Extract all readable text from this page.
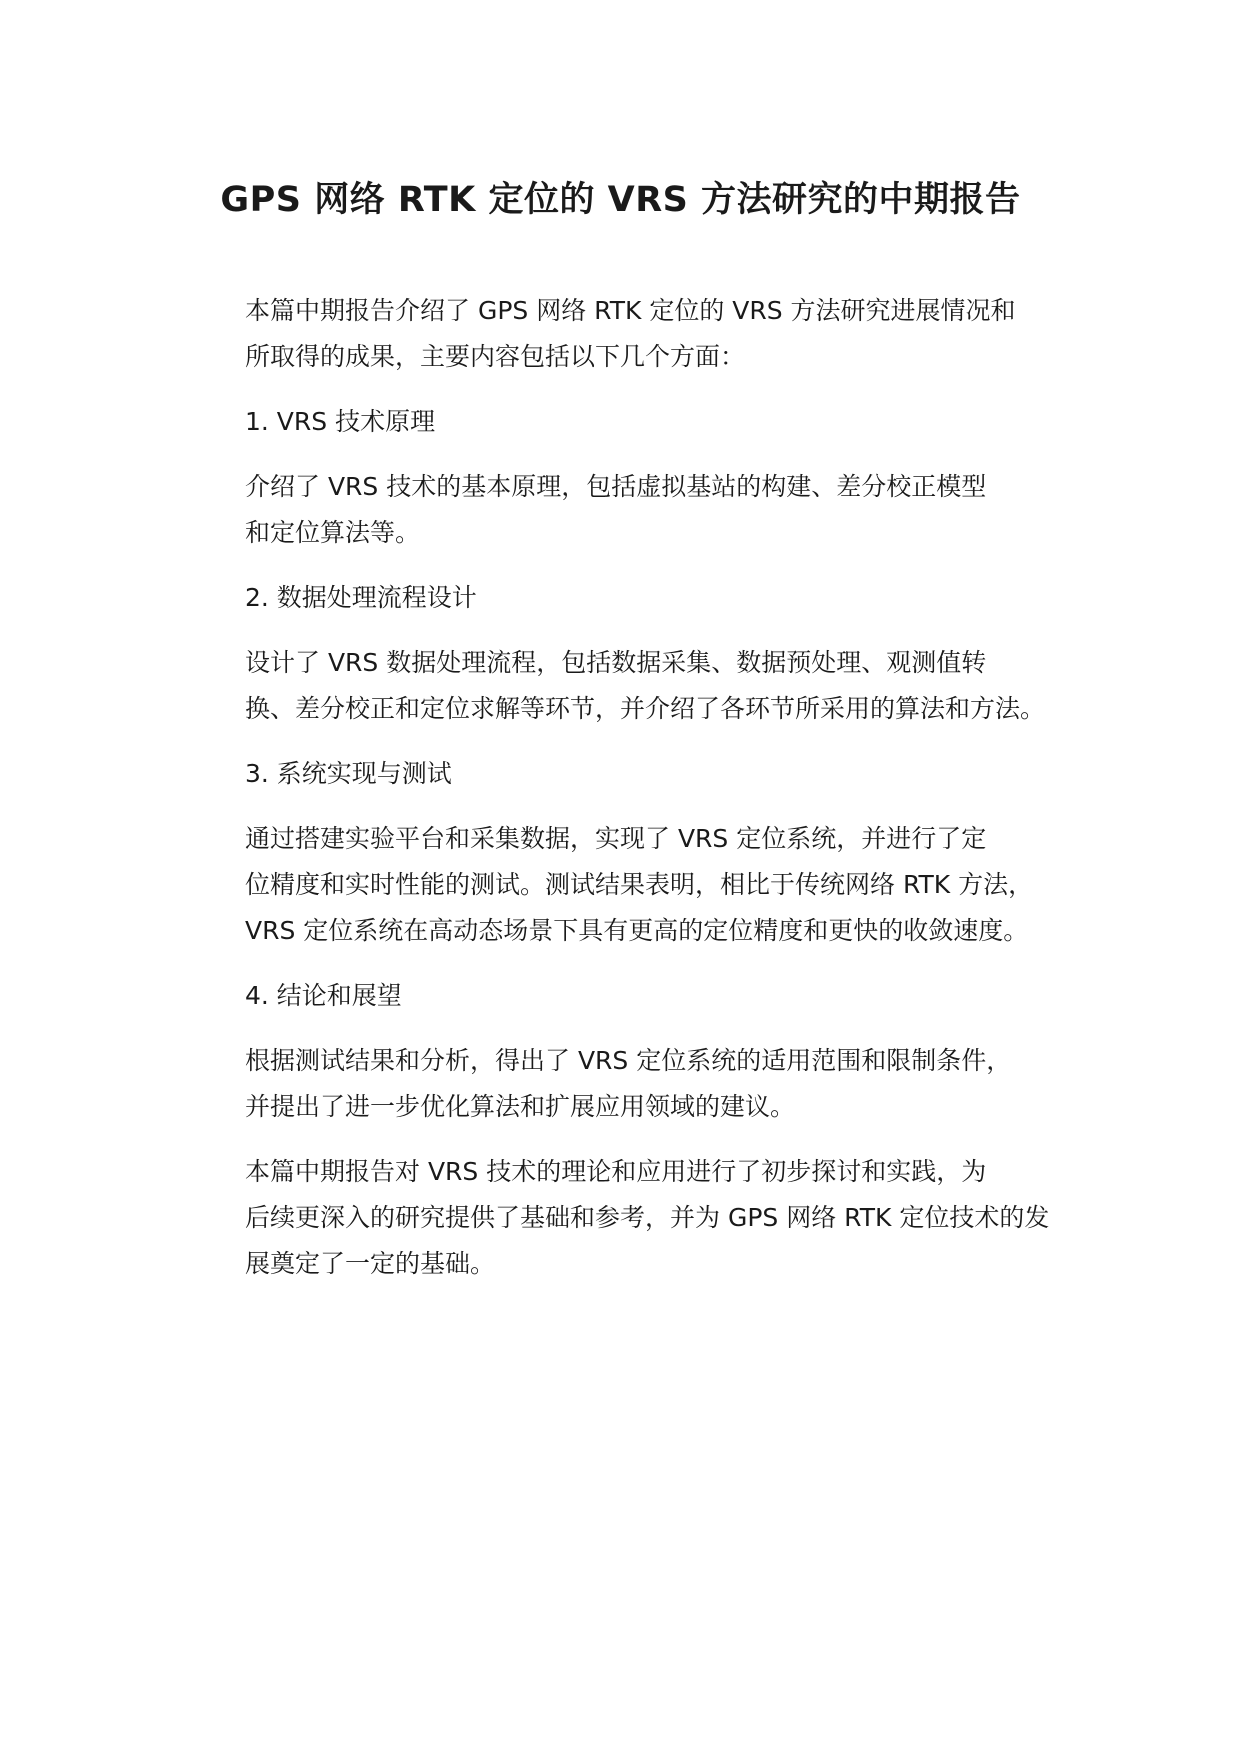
GPS 网络 RTK 定位的 VRS 方法研究的中期报告

本篇中期报告介绍了 GPS 网络 RTK 定位的 VRS 方法研究进展情况和
所取得的成果，主要内容包括以下几个方面：

1. VRS 技术原理

介绍了 VRS 技术的基本原理，包括虚拟基站的构建、差分校正模型
和定位算法等。

2. 数据处理流程设计

设计了 VRS 数据处理流程，包括数据采集、数据预处理、观测值转
换、差分校正和定位求解等环节，并介绍了各环节所采用的算法和方法。

3. 系统实现与测试

通过搭建实验平台和采集数据，实现了 VRS 定位系统，并进行了定
位精度和实时性能的测试。测试结果表明，相比于传统网络 RTK 方法，
VRS 定位系统在高动态场景下具有更高的定位精度和更快的收敛速度。

4. 结论和展望

根据测试结果和分析，得出了 VRS 定位系统的适用范围和限制条件，
并提出了进一步优化算法和扩展应用领域的建议。

本篇中期报告对 VRS 技术的理论和应用进行了初步探讨和实践，为
后续更深入的研究提供了基础和参考，并为 GPS 网络 RTK 定位技术的发
展奠定了一定的基础。
